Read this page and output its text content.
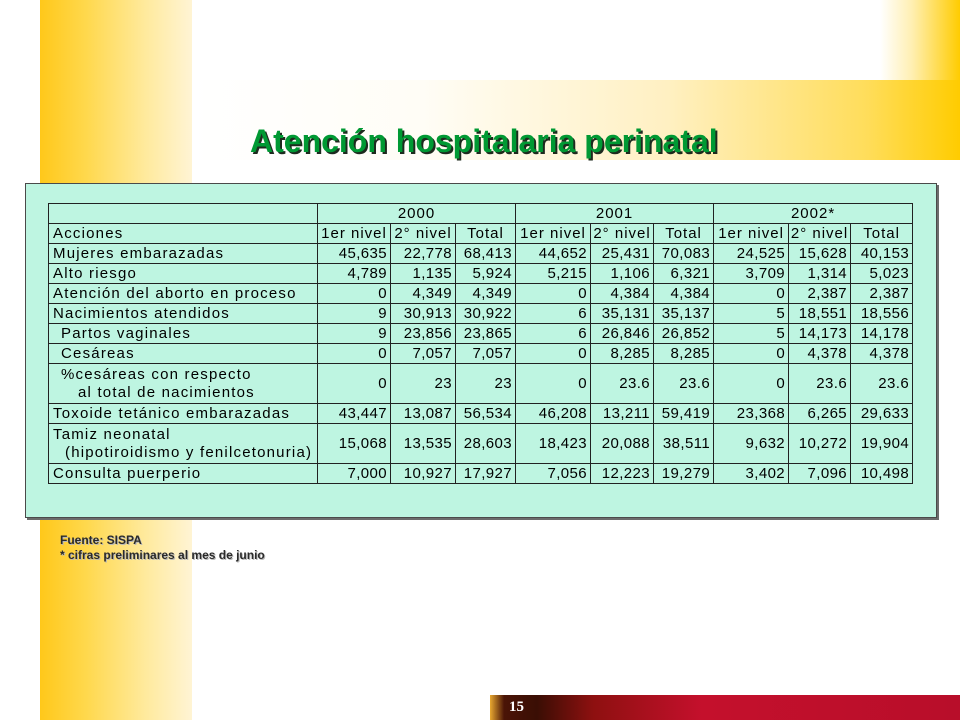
Atención hospitalaria perinatal
	2000			2001			2002*		
Acciones	1er nivel	2° nivel	Total	1er nivel	2° nivel	Total	1er nivel	2° nivel	Total

Mujeres embarazadas	45,635	22,778	68,413	44,652	25,431	70,083	24,525	15,628	40,153

Alto riesgo	4,789	1,135	5,924	5,215	1,106	6,321	3,709	1,314	5,023

Atención del aborto en proceso	0	4,349	4,349	0	4,384	4,384	0	2,387	2,387

Nacimientos atendidos	9	30,913	30,922	6	35,131	35,137	5	18,551	18,556

Partos vaginales	9	23,856	23,865	6	26,846	26,852	5	14,173	14,178

Cesáreas	0	7,057	7,057	0	8,285	8,285	0	4,378	4,378

%cesáreas con respecto
al total de nacimientos	0	23	23	0	23.6	23.6	0	23.6	23.6

Toxoide tetánico embarazadas	43,447	13,087	56,534	46,208	13,211	59,419	23,368	6,265	29,633

Tamiz neonatal
(hipotiroidismo y fenilcetonuria)	15,068	13,535	28,603	18,423	20,088	38,511	9,632	10,272	19,904

Consulta puerperio	7,000	10,927	17,927	7,056	12,223	19,279	3,402	7,096	10,498

Fuente: SISPA

* cifras preliminares al mes de junio

15
